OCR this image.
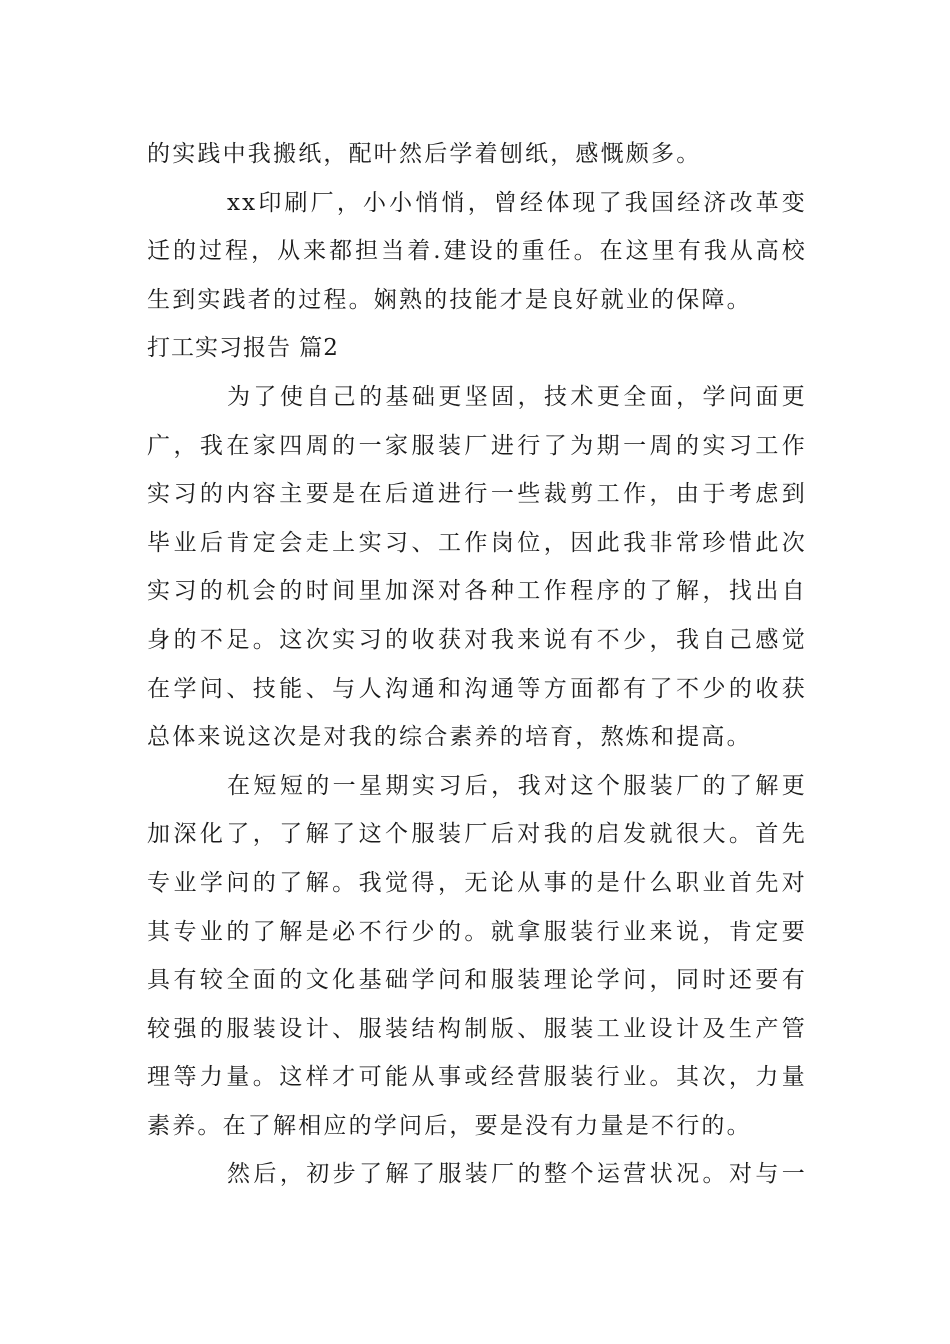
的实践中我搬纸，配叶然后学着刨纸，感慨颇多。
xx印刷厂，小小悄悄，曾经体现了我国经济改革变
迁的过程，从来都担当着.建设的重任。在这里有我从高校
生到实践者的过程。娴熟的技能才是良好就业的保障。
打工实习报告 篇2
为了使自己的基础更坚固，技术更全面，学问面更
广，我在家四周的一家服装厂进行了为期一周的实习工作
实习的内容主要是在后道进行一些裁剪工作，由于考虑到
毕业后肯定会走上实习、工作岗位，因此我非常珍惜此次
实习的机会的时间里加深对各种工作程序的了解，找出自
身的不足。这次实习的收获对我来说有不少，我自己感觉
在学问、技能、与人沟通和沟通等方面都有了不少的收获
总体来说这次是对我的综合素养的培育，熬炼和提高。
在短短的一星期实习后，我对这个服装厂的了解更
加深化了，了解了这个服装厂后对我的启发就很大。首先
专业学问的了解。我觉得，无论从事的是什么职业首先对
其专业的了解是必不行少的。就拿服装行业来说，肯定要
具有较全面的文化基础学问和服装理论学问，同时还要有
较强的服装设计、服装结构制版、服装工业设计及生产管
理等力量。这样才可能从事或经营服装行业。其次，力量
素养。在了解相应的学问后，要是没有力量是不行的。
然后，初步了解了服装厂的整个运营状况。对与一
